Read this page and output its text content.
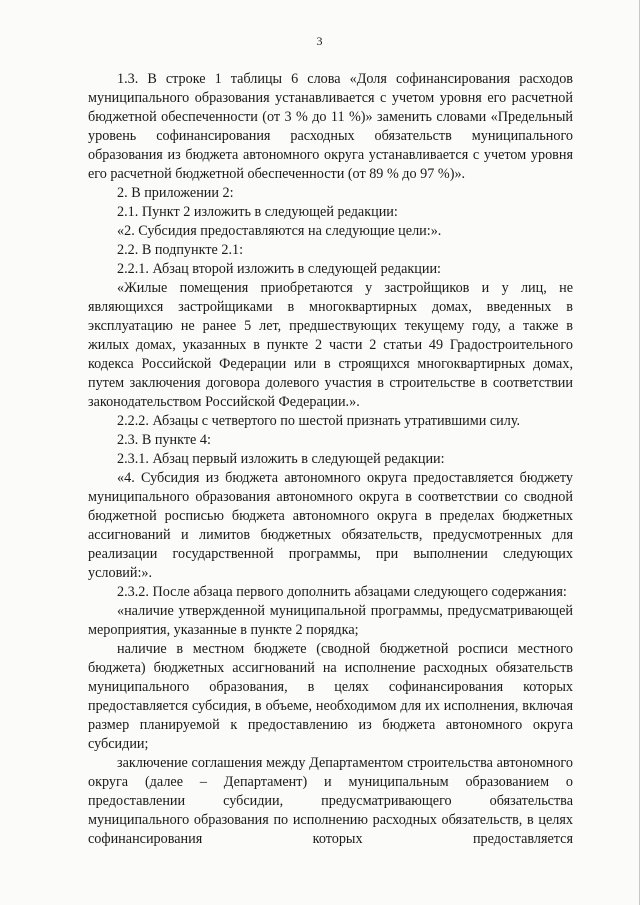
3

1.3. В строке 1 таблицы 6 слова «Доля софинансирования расходов муниципального образования устанавливается с учетом уровня его расчетной бюджетной обеспеченности (от 3 % до 11 %)» заменить словами «Предельный уровень софинансирования расходных обязательств муниципального образования из бюджета автономного округа устанавливается с учетом уровня его расчетной бюджетной обеспеченности (от 89 % до 97 %)».

2. В приложении 2:

2.1. Пункт 2 изложить в следующей редакции:

«2. Субсидия предоставляются на следующие цели:».

2.2. В подпункте 2.1:

2.2.1. Абзац второй изложить в следующей редакции:

«Жилые помещения приобретаются у застройщиков и у лиц, не являющихся застройщиками в многоквартирных домах, введенных в эксплуатацию не ранее 5 лет, предшествующих текущему году, а также в жилых домах, указанных в пункте 2 части 2 статьи 49 Градостроительного кодекса Российской Федерации или в строящихся многоквартирных домах, путем заключения договора долевого участия в строительстве в соответствии законодательством Российской Федерации.».

2.2.2. Абзацы с четвертого по шестой признать утратившими силу.

2.3. В пункте 4:

2.3.1. Абзац первый изложить в следующей редакции:

«4. Субсидия из бюджета автономного округа предоставляется бюджету муниципального образования автономного округа в соответствии со сводной бюджетной росписью бюджета автономного округа в пределах бюджетных ассигнований и лимитов бюджетных обязательств, предусмотренных для реализации государственной программы, при выполнении следующих условий:».

2.3.2. После абзаца первого дополнить абзацами следующего содержания:

«наличие утвержденной муниципальной программы, предусматривающей мероприятия, указанные в пункте 2 порядка;

наличие в местном бюджете (сводной бюджетной росписи местного бюджета) бюджетных ассигнований на исполнение расходных обязательств муниципального образования, в целях софинансирования которых предоставляется субсидия, в объеме, необходимом для их исполнения, включая размер планируемой к предоставлению из бюджета автономного округа субсидии;

заключение соглашения между Департаментом строительства автономного округа (далее – Департамент) и муниципальным образованием о предоставлении субсидии, предусматривающего обязательства муниципального образования по исполнению расходных обязательств, в целях софинансирования которых предоставляется
